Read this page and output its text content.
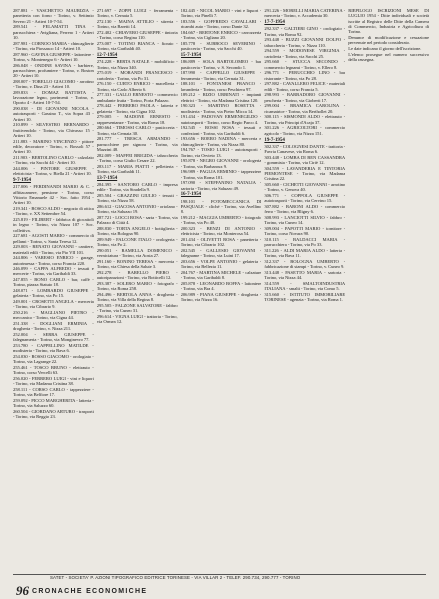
287.881 - VASCHETTO MAURIZIA - panetteria con forno - Torino, v. Settimio Severo 21 - Artieri 10-7-54.

289.541 - FELAMATTI TINA - parrucchiera - Avigliana, Ferrero 1 - Artieri 10.

287.981 - CORNOO MARIA - chincaglierie - Torino, via Piossasco 14 - Artieri 10.

287.960 - GAVINA GIUSEPPE - lattoniere - Torino, v. Montenegro 6 - Artieri 10.

286.048 - ONDINE SAVINA - barbiere, parrucchiere, profumiere - Torino, v. Boston 20 - Artieri 10.

288.007 - TORELLO GIACOMO - arrotino - Torino, v. Dina 23 - Artieri 10.

289.833 - DOMAZ BATTISTA - lavorazione legno, pavimenti - Torino, v. Oporto 4 - Artieri 10-7-54.

290.038 - DI GIOVANNI NICOLA - autotrasporti - Gassino T., via Sopra 43 - Artieri 10.

210.899 - SILVESTRO BERNARDO - fruttivendolo - Torino, via Chivasso 15 - Artieri 10.

211.883 - MARINO VINCENZO - pittore edile, decoratore - Torino, v. Bossoli 57 - Artieri 10.

211.903 - BERTOLINO CARLO - calzolaio - Torino, via Sacchi 44 - Artieri 10.

244.006 - PINTORE GIUSEPPE - elettricista - Torino, v. Biella 21 - Artieri 10.

9-7-1954

217.006 - FERDINANDI MARIO & C. - affittacamere, pensione - Torino, corso Vittorio Emanuele 42 - Soc. fatto 1954 - Artieri 10.

219.341 - BOSCO ALDO - negozio di ottica - Torino, v. XX Settembre 54.

225.819 - FILIBERT - fabbrica di giocattoli in legno - Torino, via Nizza 107 - Soc. collettiva.

227.681 - AGOSTI MARIO - commercio di pellami - Torino, v. Santa Teresa 12.

229.003 - RENATO GIOVANNI - cantiere, materiali edili - Torino, via Pio VII 101.

244.806 - VARESIO ENRICO - garage, autorimessa - Torino, corso Francia 220.

246.099 - CAPPA ALFREDO - tessuti e mercerie - Torino, via Garibaldi 33.

247.855 - BONO CARLO - bar, caffè - Torino, piazza Statuto 18.

248.071 - LOMBARDO GIUSEPPE - gelateria - Torino, via Po 15.

249.001 - CROSETTI ANGELA - merceria - Torino, via Cibrario 9.

250.216 - MAGLIANO PIETRO - meccanico - Torino, via Cigna 44.

251.338 - DOGLIANI ERMINIA - drogheria - Torino, v. Nizza 211.

252.004 - SERRA GIUSEPPE - falegnameria - Torino, via Monginevro 77.

253.780 - CAPPELLINO MATILDE - modisteria - Torino, via Bava 6.

254.030 - ROSSO GIACOMO - orologiaio - Torino, via Lagrange 22.

255.461 - TOSCO BRUNO - elettrauto - Torino, corso Vercelli 63.

256.020 - FERRERO LUIGI - vini e liquori - Torino, via Madama Cristina 38.

258.111 - CORSO CARLO - tappezziere - Torino, via Belfiore 17.

259.092 - PICCO MARGHERITA - latteria - Torino, via Saluzzo 60.

260.504 - GIORDANO ARTURO - trasporti - Torino, via Reggio 23.

271.697 - ZOPPI LUIGI - ferramenta - Torino, v. Cernaia 5.

272.130 - MAINA ATTILIO - stireria - Torino, via Baretti 14.

272.402 - CHIAVERO GIUSEPPE - tintoria - Torino, corso Regina 110.

273.007 - TOTINO BIANCA - fioraio - Torino, via Garibaldi 40.

12-7-1954

274.228 - BERTA NATALE - mobilificio - Torino, via Nizza 340.

275.019 - MORANDI FRANCESCO - cartoleria - Torino, via Po 31.

276.150 - CURTO ENRICO - macelleria - Torino, via Carlo Alberto 6.

277.331 - GALLO ERNESTO - commercio ambulante frutta - Torino, Porta Palazzo.

278.442 - FERRERO PAOLA - latteria e gelateria - Torino, via Cigna 102.

279.005 - MADONE ERNESTO - rappresentanze - Torino, via Roma 18.

280.664 - TIMOSSI CARLO - pasticceria - Torino, via Cernaia 30.

281.777 - TRESCA ARMANDO - parrucchiere per signora - Torino, via Mazzini 48.

282.009 - MAFFEI BRIGIDA - tabaccheria - Torino, corso Giulio Cesare 22.

283.117 - MARIA PIATTI - pelletteria - Torino, via Garibaldi 11.

13-7-1954

284.395 - SANTORO CARLO - impresa edile - Torino, via Stradella 9.

285.504 - GRAZZINI GIULIO - tessuti - Torino, via Nizza 58.

286.612 - GIACOSA ANTONIO - ortolano - Torino, via Saluzzo 19.

287.721 - LOCCI ROSA - sarta - Torino, via Palazzo di Città 4.

288.830 - TORTA ANGELO - bottiglieria - Torino, via Bologna 90.

289.949 - FALCONE ITALO - orologeria - Torino, via Po 2.

290.051 - RAMELLA DOMENICO - verniciatura - Torino, via Aosta 27.

291.160 - BONINO TERESA - merceria - Torino, via Chiesa della Salute 3.

292.278 - BARELLO PIERO - autoriparazioni - Torino, via Botticelli 12.

293.387 - SOLERO MARIO - fotografo - Torino, via Roma 258.

294.496 - BERTOLA ANNA - drogheria - Torino, via Villa della Regina 8.

295.505 - FALZONE SALVATORE - fabbro - Torino, via Cuneo 31.

296.614 - VIGNA LUIGI - trattoria - Torino, via Ormea 12.

182.445 - NICOL MARIO - vini e liquori - Torino, via Pinelli 7.

183.556 - GOFFREDO CAVALLARI - ricambi auto - Torino, corso Dante 32.

184.667 - BERTONE ENRICO - carrozzeria - Torino, via Cigliano 20.

185.778 - SUBBOCO SEVERINO - pasticceria - Torino, via Sacchi 40.

15-7-1954

186.889 - SOLA BARTOLOMEO - bar pasticceria - Torino, v. S. Secondo 1.

187.990 - CAPPELLO GIUSEPPE - ferramenta - Torino, via Cernaia 31.

188.101 - FONTANESI FRANCO - lavanderia - Torino, corso Peschiera 97.

189.212 - RIZIO URBINATI - impianti elettrici - Torino, via Madama Cristina 120.

190.323 - MARTINO ROSETTA - modisteria - Torino, via Pietro Micca 14.

191.434 - PADOVAN ERMENEGILDO - autotrasporti - Torino, corso Regio Parco 4.

192.545 - ROSSI NOSA - tessuti e confezioni - Torino, via Garibaldi 6.

193.656 - BOERO NADINA - merceria e chincaglierie - Torino, via Nizza 80.

194.767 - TOSIO LUIGI - autotrasporti - Torino, via Orvieto 13.

195.878 - NEGRO GIOVANNI - orologeria - Torino, via Barbaroux 9.

196.989 - PAGLIA ERMINIO - tappezziere - Torino, via Roma 101.

197.090 - STEFFANINO NATALIA - sartoria - Torino, via Saluzzo 49.

16-7-1954

198.101 - FOTOMECCANICA DI PASQUALE - cliché - Torino, via Avellino 8.

199.212 - MAGGIA UMBERTO - fotografo - Torino, via Po 40.

200.323 - BENZI DI ANTONIO - elettricista - Torino, via Monterosa 54.

201.434 - OLIVETTI ROSA - panetteria - Torino, via Cibrario 102.

202.545 - GALLESIO GIOVANNI - falegname - Torino, via Luini 17.

203.656 - VOLPE ANTONIO - gelateria - Torino, via Bellezia 11.

204.767 - MARTINA MICHELE - calzature - Torino, via Garibaldi 8.

205.878 - LEONARDO BOFFA - lattoniere - Torino, via Bra 4.

206.989 - PIANA GIUSEPPE - drogheria - Torino, via Nizza 16.

291.226 - MORELLI MARIA CATERINA - merceria - Torino, v. Accademia 30.

17-7-1954

292.337 - GALTIERI GINO - orologiaio - Torino, via Roma 92.

293.448 - BUZZI GIOVANNI DOLFO - tabaccheria - Torino, v. Nizza 110.

294.559 - MODONESE VIRGINIA - cartoleria - Torino, via Sacchi 25.

295.660 - STUCCA SECONDO - commercio legnami - Torino, v. Ellero 8.

296.771 - PERUCCHIO LINO - bar ristorante - Torino, via Po 28.

297.882 - CAVALLERO FELICE - materiali edili - Torino, corso Francia 5.

298.993 - BARBADORO GIOVANNI - pescheria - Torino, via Gioberti 17.

299.004 - BRAMICA CAROLINA - ricamatrice - Torino, via Berthollet 20.

300.115 - SISMONDI ALDO - elettrauto - Torino, via Principi d'Acaja 37.

301.226 - AGRICOLTORI - commercio agricolo - Torino, via Nizza 151.

19-7-1954

302.337 - COLOGNESI DANTE - trattoria - Favria Canavese, via Roma 6.

303.448 - LOMBA DI BEN CASSANDRA - gommista - Torino, via Ciriè 12.

304.559 - LAVANDERIA E TINTORIA PIEMONTESE - Torino, via Madama Cristina 22.

305.660 - CICHETTI GIOVANNI - arrotino - Torino, v. Genova 40.

306.771 - COPPOLA GIUSEPPE - autotrasporti - Torino, via Cervino 15.

307.882 - BARONI ALDO - commercio ferro - Torino, via Bligny 6.

308.993 - LANCIOTTI SILVIO - fabbro - Torino, via Cuneo 14.

309.004 - PAPOTTI MARIO - tornitore - Torino, corso Novara 90.

310.115 - BALDACCI MARIA - parrucchiera - Torino, via Po 33.

311.226 - ALDI MARIA ALDO - latteria - Torino, via Bava 11.

312.337 - BOLOGNA UMBERTO - fabbricazione di stampi - Torino, v. Cuneo 9.

313.448 - PASETTO MARIA - sartoria - Torino, via Nizza 44.

314.559 - SMALTOINDUSTRIA ITALIANA - smalti - Torino, via Como 5.

315.660 - ISTITUTO IMMOBILIARE TORINESE - agenzia - Torino, via Roma 1.

RIEPILOGO ISCRIZIONI MESE DI LUGLIO 1954 - Ditte individuali e società iscritte al Registro delle Ditte della Camera di Commercio, Industria e Agricoltura di Torino.

Denunce di modificazione e cessazione pervenute nel periodo considerato.

Le date indicano il giorno dell'iscrizione.

L'elenco prosegue nel numero successivo della rassegna.

SATET - SOCIETA' P. AZIONI TIPOGRAFICO EDITRICE TORINESE - VIA VILLAR 2 - TELEF. 290.734, 290.777 - TORINO
96 CRONACHE ECONOMICHE
